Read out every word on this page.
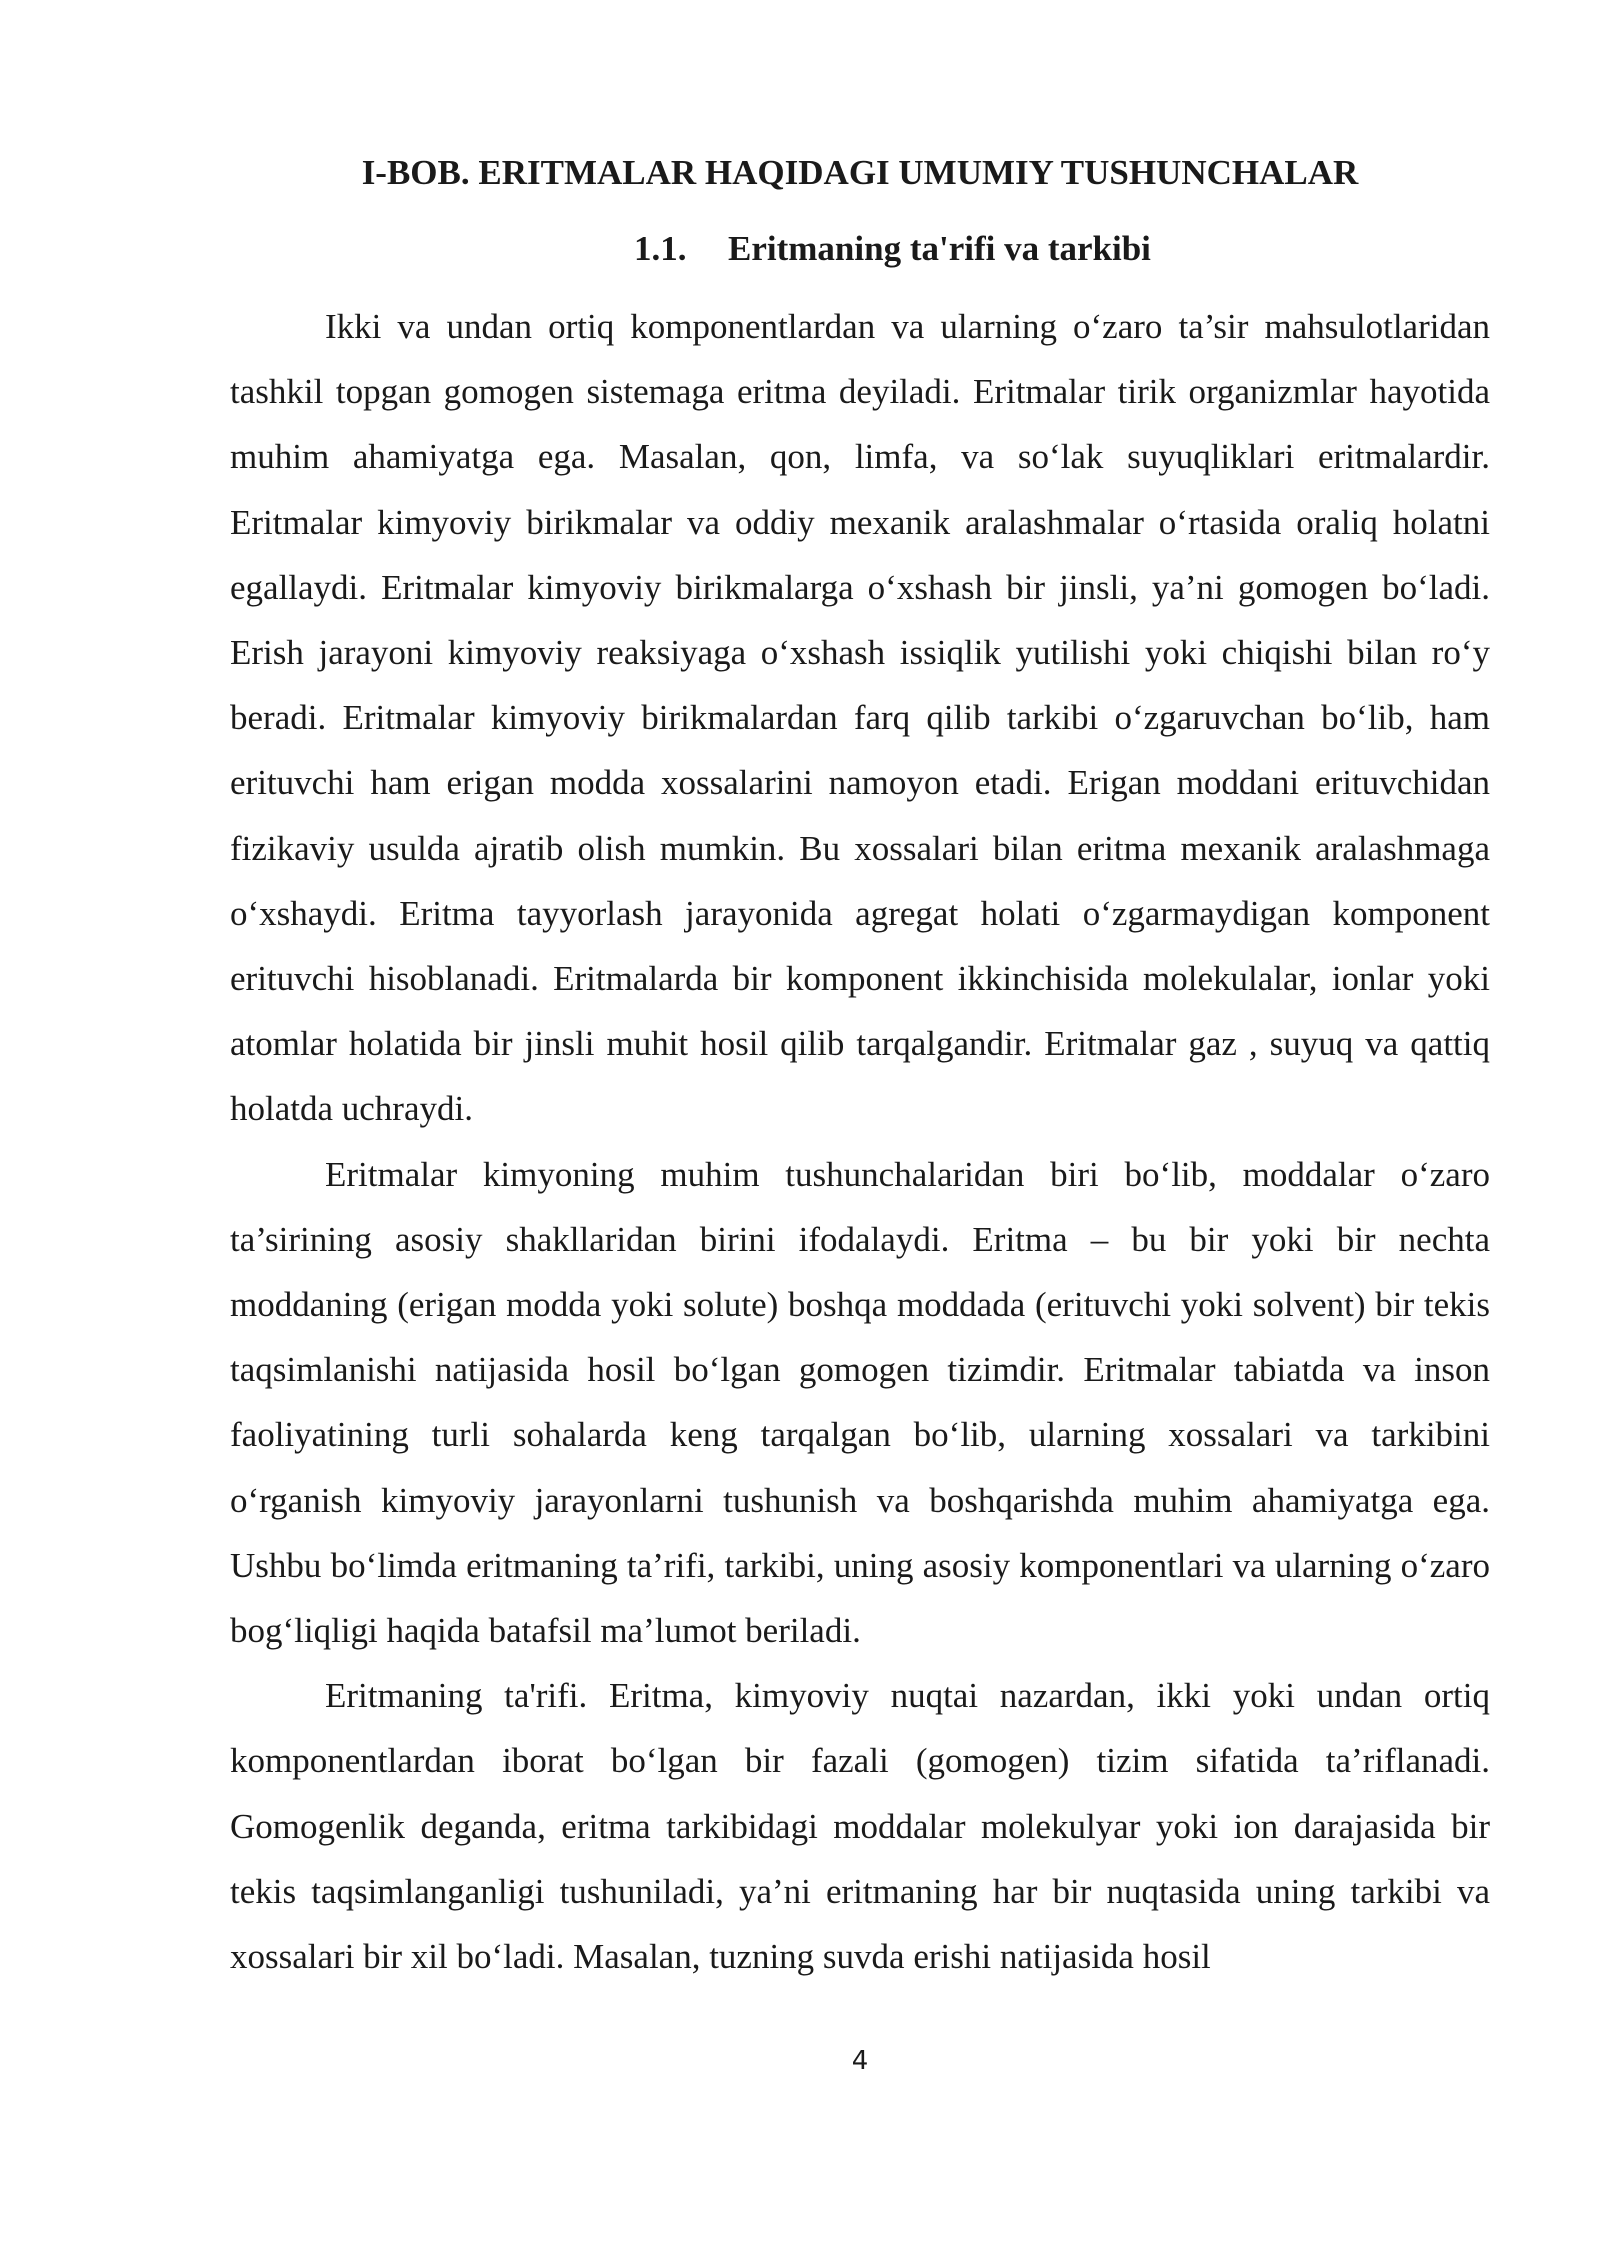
I-BOB. ERITMALAR HAQIDAGI UMUMIY TUSHUNCHALAR
1.1. Eritmaning ta'rifi va tarkibi

Ikki va undan ortiq komponentlardan va ularning o‘zaro ta’sir mahsulotlaridan tashkil topgan gomogen sistemaga eritma deyiladi. Eritmalar tirik organizmlar hayotida muhim ahamiyatga ega. Masalan, qon, limfa, va so‘lak suyuqliklari eritmalardir. Eritmalar kimyoviy birikmalar va oddiy mexanik aralashmalar o‘rtasida oraliq holatni egallaydi. Eritmalar kimyoviy birikmalarga o‘xshash bir jinsli, ya’ni gomogen bo‘ladi. Erish jarayoni kimyoviy reaksiyaga o‘xshash issiqlik yutilishi yoki chiqishi bilan ro‘y beradi. Eritmalar kimyoviy birikmalardan farq qilib tarkibi o‘zgaruvchan bo‘lib, ham erituvchi ham erigan modda xossalarini namoyon etadi. Erigan moddani erituvchidan fizikaviy usulda ajratib olish mumkin. Bu xossalari bilan eritma mexanik aralashmaga o‘xshaydi. Eritma tayyorlash jarayonida agregat holati o‘zgarmaydigan komponent erituvchi hisoblanadi. Eritmalarda bir komponent ikkinchisida molekulalar, ionlar yoki atomlar holatida bir jinsli muhit hosil qilib tarqalgandir. Eritmalar gaz , suyuq va qattiq holatda uchraydi.

Eritmalar kimyoning muhim tushunchalaridan biri bo‘lib, moddalar o‘zaro ta’sirining asosiy shakllaridan birini ifodalaydi. Eritma – bu bir yoki bir nechta moddaning (erigan modda yoki solute) boshqa moddada (erituvchi yoki solvent) bir tekis taqsimlanishi natijasida hosil bo‘lgan gomogen tizimdir. Eritmalar tabiatda va inson faoliyatining turli sohalarda keng tarqalgan bo‘lib, ularning xossalari va tarkibini o‘rganish kimyoviy jarayonlarni tushunish va boshqarishda muhim ahamiyatga ega. Ushbu bo‘limda eritmaning ta’rifi, tarkibi, uning asosiy komponentlari va ularning o‘zaro bog‘liqligi haqida batafsil ma’lumot beriladi.

Eritmaning ta'rifi. Eritma, kimyoviy nuqtai nazardan, ikki yoki undan ortiq komponentlardan iborat bo‘lgan bir fazali (gomogen) tizim sifatida ta’riflanadi. Gomogenlik deganda, eritma tarkibidagi moddalar molekulyar yoki ion darajasida bir tekis taqsimlanganligi tushuniladi, ya’ni eritmaning har bir nuqtasida uning tarkibi va xossalari bir xil bo‘ladi. Masalan, tuzning suvda erishi natijasida hosil

4
